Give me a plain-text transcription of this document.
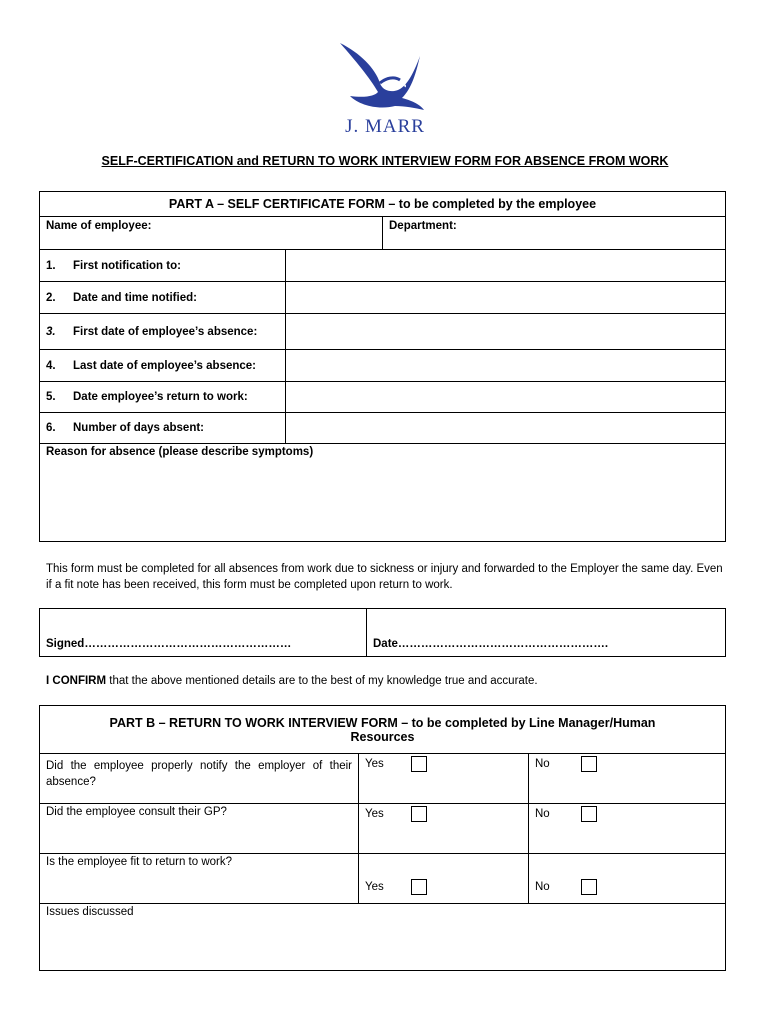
J. MARR
SELF-CERTIFICATION and RETURN TO WORK INTERVIEW FORM FOR ABSENCE FROM WORK
PART A – SELF CERTIFICATE FORM – to be completed by the employee
Name of employee:	Department:
1. First notification to:	
2. Date and time notified:	
3. First date of employee’s absence:	
4. Last date of employee’s absence:	
5. Date employee’s return to work:	
6. Number of days absent:	
Reason for absence (please describe symptoms)	
This form must be completed for all absences from work due to sickness or injury and forwarded to the Employer the same day. Even if a fit note has been received, this form must be completed upon return to work.
Signed………………………………………………	Date……………………………………………….
I CONFIRM that the above mentioned details are to the best of my knowledge true and accurate.
PART B – RETURN TO WORK INTERVIEW FORM – to be completed by Line Manager/Human Resources		
Did the employee properly notify the employer of their absence?	Yes	No
Did the employee consult their GP?	Yes	No
Is the employee fit to return to work?	Yes	No
Issues discussed		
